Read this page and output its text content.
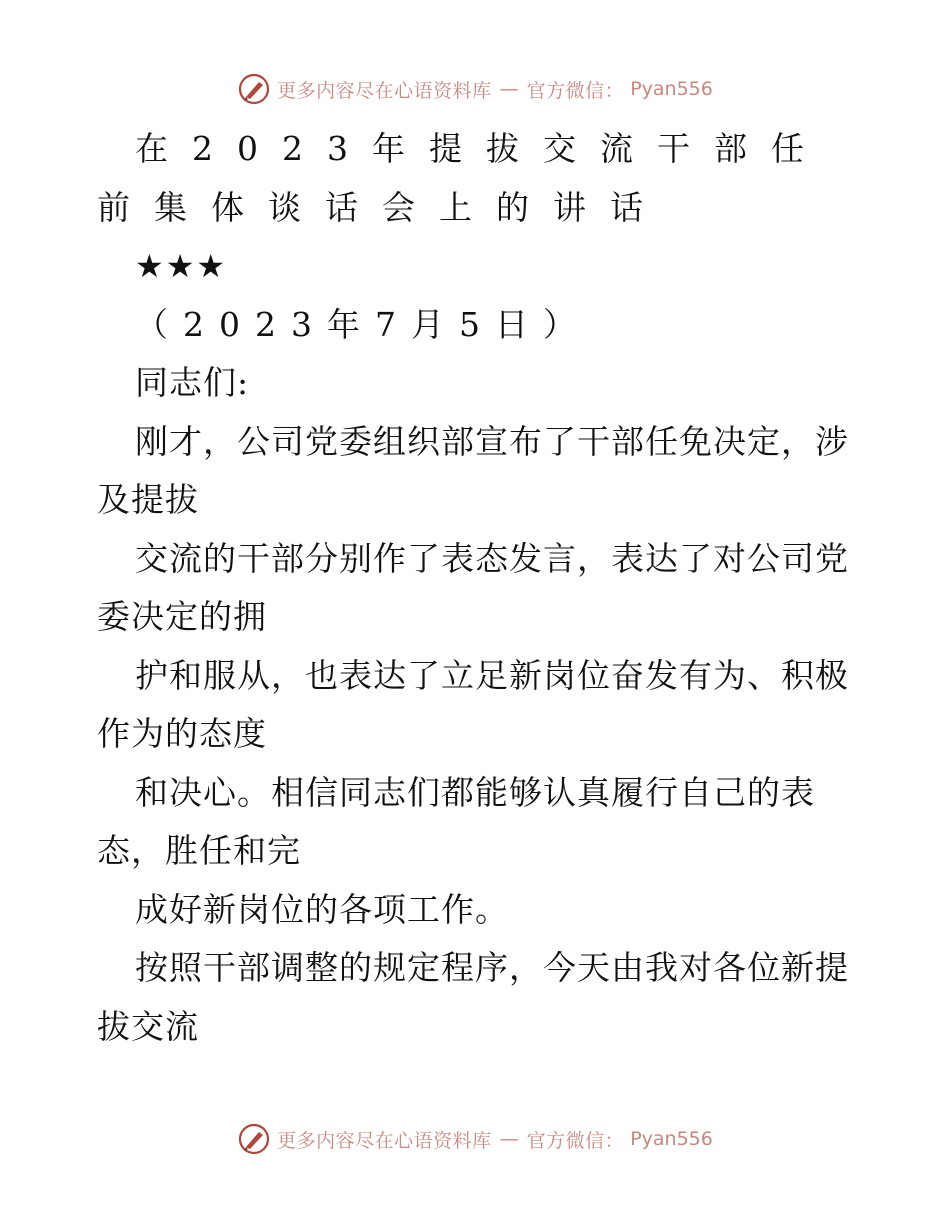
更多内容尽在心语资料库 — 官方微信： Pyan556

在2023年提拔交流干部任前集体谈话会上的讲话

★★★

（2023年7月5日）

同志们:

刚才，公司党委组织部宣布了干部任免决定，涉及提拔

交流的干部分别作了表态发言，表达了对公司党委决定的拥

护和服从，也表达了立足新岗位奋发有为、积极作为的态度

和决心。相信同志们都能够认真履行自己的表态，胜任和完

成好新岗位的各项工作。

按照干部调整的规定程序，今天由我对各位新提拔交流

更多内容尽在心语资料库 — 官方微信： Pyan556
